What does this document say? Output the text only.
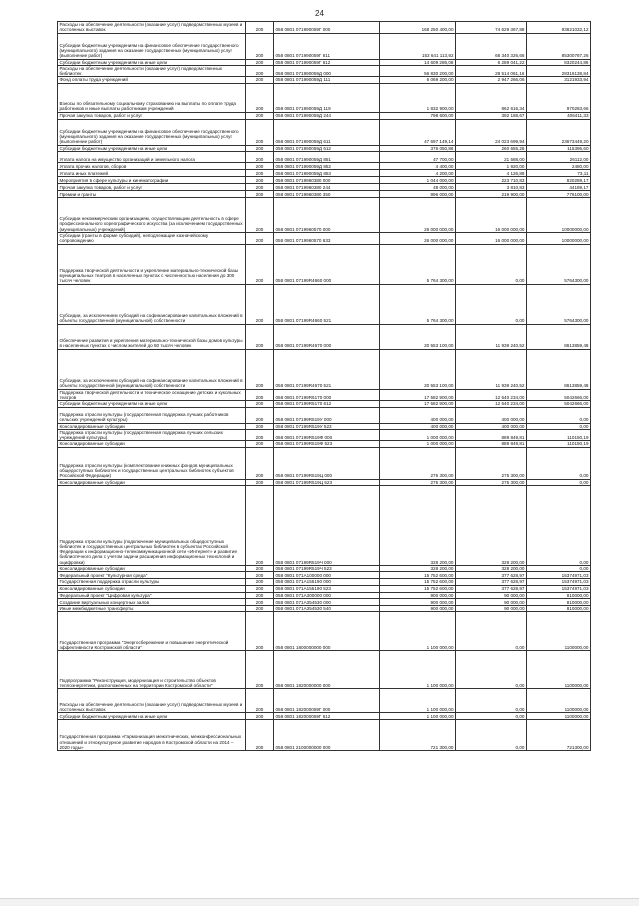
24
Расходы на обеспечение деятельности (оказание услуг) подведомственных музеев и постоянных выставок	200	058 0801 071990059Г 000	168 250 400,00	74 629 367,88	93621032,12
Субсидии бюджетным учреждениям на финансовое обеспечение государственного (муниципального) задания на оказание государственных (муниципальных) услуг (выполнение работ)	200	058 0801 071990059Г 611	153 641 113,92	68 340 326,66	85300787,26
Субсидии бюджетным учреждениям на иные цели	200	058 0801 071990059Г 612	14 609 286,08	6 289 041,22	8320244,86
Расходы на обеспечение деятельности (оказание услуг) подведомственных библиотек	200	058 0801 071990059Д 000	56 830 200,00	28 514 061,16	28316138,84
Фонд оплаты труда учреждений	200	058 0801 071990059Д 111	6 069 200,00	2 947 266,06	3121933,94
Взносы по обязательному социальному страхованию на выплаты по оплате труда работников и иные выплаты работникам учреждений	200	058 0801 071990059Д 119	1 832 900,00	862 616,34	970283,66
Прочая закупка товаров, работ и услуг	200	058 0801 071990059Д 244	798 600,00	392 188,67	406411,33
Субсидии бюджетным учреждениям на финансовое обеспечение государственного (муниципального) задания на оказание государственных (муниципальных) услуг (выполнение работ)	200	058 0801 071990059Д 611	47 697 149,14	24 023 699,94	23673449,20
Субсидии бюджетным учреждениям на иные цели	200	058 0801 071990059Д 612	376 050,86	260 655,26	115395,60
Уплата налога на имущество организаций и земельного налога	200	058 0801 071990059Д 851	47 700,00	21 588,00	26112,00
Уплата прочих налогов, сборов	200	058 0801 071990059Д 852	4 400,00	1 920,00	2480,00
Уплата иных платежей	200	058 0801 071990059Д 853	4 200,00	4 126,89	73,11
Мероприятия в сфере культуры и кинематографии	200	058 0801 0719960380 000	1 044 000,00	223 710,83	820289,17
Прочая закупка товаров, работ и услуг	200	058 0801 0719960380 244	48 000,00	3 810,83	44189,17
Премии и гранты	200	058 0801 0719960380 350	996 000,00	219 900,00	776100,00
Субсидии некоммерческим организациям, осуществляющим деятельность в сфере профессионального хореографического искусства (за исключением государственных (муниципальных) учреждений)	200	058 0801 0719960570 000	26 000 000,00	16 000 000,00	10000000,00
Субсидии (гранты в форме субсидий), неподлежащие казначейскому сопровождению	200	058 0801 0719960570 633	26 000 000,00	16 000 000,00	10000000,00
Поддержка творческой деятельности и укрепление материально-технической базы муниципальных театров в населенных пунктах с численностью населения до 300 тысяч человек	200	058 0801 07199R4660 000	5 764 300,00	0,00	5764300,00
Субсидии, за исключением субсидий на софинансирование капитальных вложений в объекты государственной (муниципальной) собственности	200	058 0801 07199R4660 521	5 764 300,00	0,00	5764300,00
Обеспечение развития и укрепления материально-технической базы домов культуры в населенных пунктах с числом жителей до 50 тысяч человек	200	058 0801 07199R4670 000	20 553 100,00	11 939 240,52	8613859,48
Субсидии, за исключением субсидий на софинансирование капитальных вложений в объекты государственной (муниципальной) собственности	200	058 0801 07199R4670 521	20 553 100,00	11 939 240,52	8613859,48
Поддержка творческой деятельности и техническое оснащение детских и кукольных театров	200	058 0801 07199R5170 000	17 582 900,00	12 540 234,00	5042666,00
Субсидии бюджетным учреждениям на иные цели	200	058 0801 07199R5170 612	17 582 900,00	12 540 234,00	5042666,00
Поддержка отрасли культуры (государственная поддержка лучших работников сельских учреждений культуры)	200	058 0801 07199R519У 000	400 000,00	400 000,00	0,00
Консолидированные субсидии	200	058 0801 07199R519У 523	400 000,00	400 000,00	0,00
Поддержка отрасли культуры (государственная поддержка лучших сельских учреждений культуры)	200	058 0801 07199R519Ф 000	1 000 000,00	889 849,81	110150,19
Консолидированные субсидии	200	058 0801 07199R519Ф 523	1 000 000,00	889 849,81	110150,19
Поддержка отрасли культуры (комплектование книжных фондов муниципальных общедоступных библиотек и государственных центральных библиотек субъектов Российской Федерации)	200	058 0801 07199R519Ц 000	275 300,00	275 300,00	0,00
Консолидированные субсидии	200	058 0801 07199R519Ц 523	275 300,00	275 300,00	0,00
Поддержка отрасли культуры (подключение муниципальных общедоступных библиотек и государственных центральных библиотек в субъектах Российской Федерации к информационно-телекоммуникационной сети «Интернет» и развитие библиотечного дела с учетом задачи расширения информационных технологий и оцифровки)	200	058 0801 07199R519Ч 000	328 200,00	328 200,00	0,00
Консолидированные субсидии	200	058 0801 07199R519Ч 523	328 200,00	328 200,00	0,00
Федеральный проект "Культурная среда"	200	058 0801 071A100000 000	15 752 600,00	377 628,97	15374971,03
Государственная поддержка отрасли культуры	200	058 0801 071A155190 000	15 752 600,00	377 628,97	15374971,03
Консолидированные субсидии	200	058 0801 071A155190 523	15 752 600,00	377 628,97	15374971,03
Федеральный проект "Цифровая культура"	200	058 0801 071A300000 000	900 000,00	90 000,00	810000,00
Создание виртуальных концертных залов	200	058 0801 071A354530 000	900 000,00	90 000,00	810000,00
Иные межбюджетные трансферты	200	058 0801 071A354530 540	900 000,00	90 000,00	810000,00
Государственная программа "Энергосбережение и повышение энергетической эффективности Костромской области"	200	058 0801 1800000000 000	1 100 000,00	0,00	1100000,00
Подпрограмма "Реконструкция, модернизация и строительство объектов теплоэнергетики, расположенных на территории Костромской области"	200	058 0801 1820000000 000	1 100 000,00	0,00	1100000,00
Расходы на обеспечение деятельности (оказание услуг) подведомственных музеев и постоянных выставок	200	058 0801 182000059Г 000	1 100 000,00	0,00	1100000,00
Субсидии бюджетным учреждениям на иные цели	200	058 0801 182000059Г 612	1 100 000,00	0,00	1100000,00
Государственная программа «Гармонизация межэтнических, межконфессиональных отношений и этнокультурное развитие народов в Костромской области на 2014 – 2020 годы»	200	058 0801 2100000000 000	721 300,00	0,00	721300,00
